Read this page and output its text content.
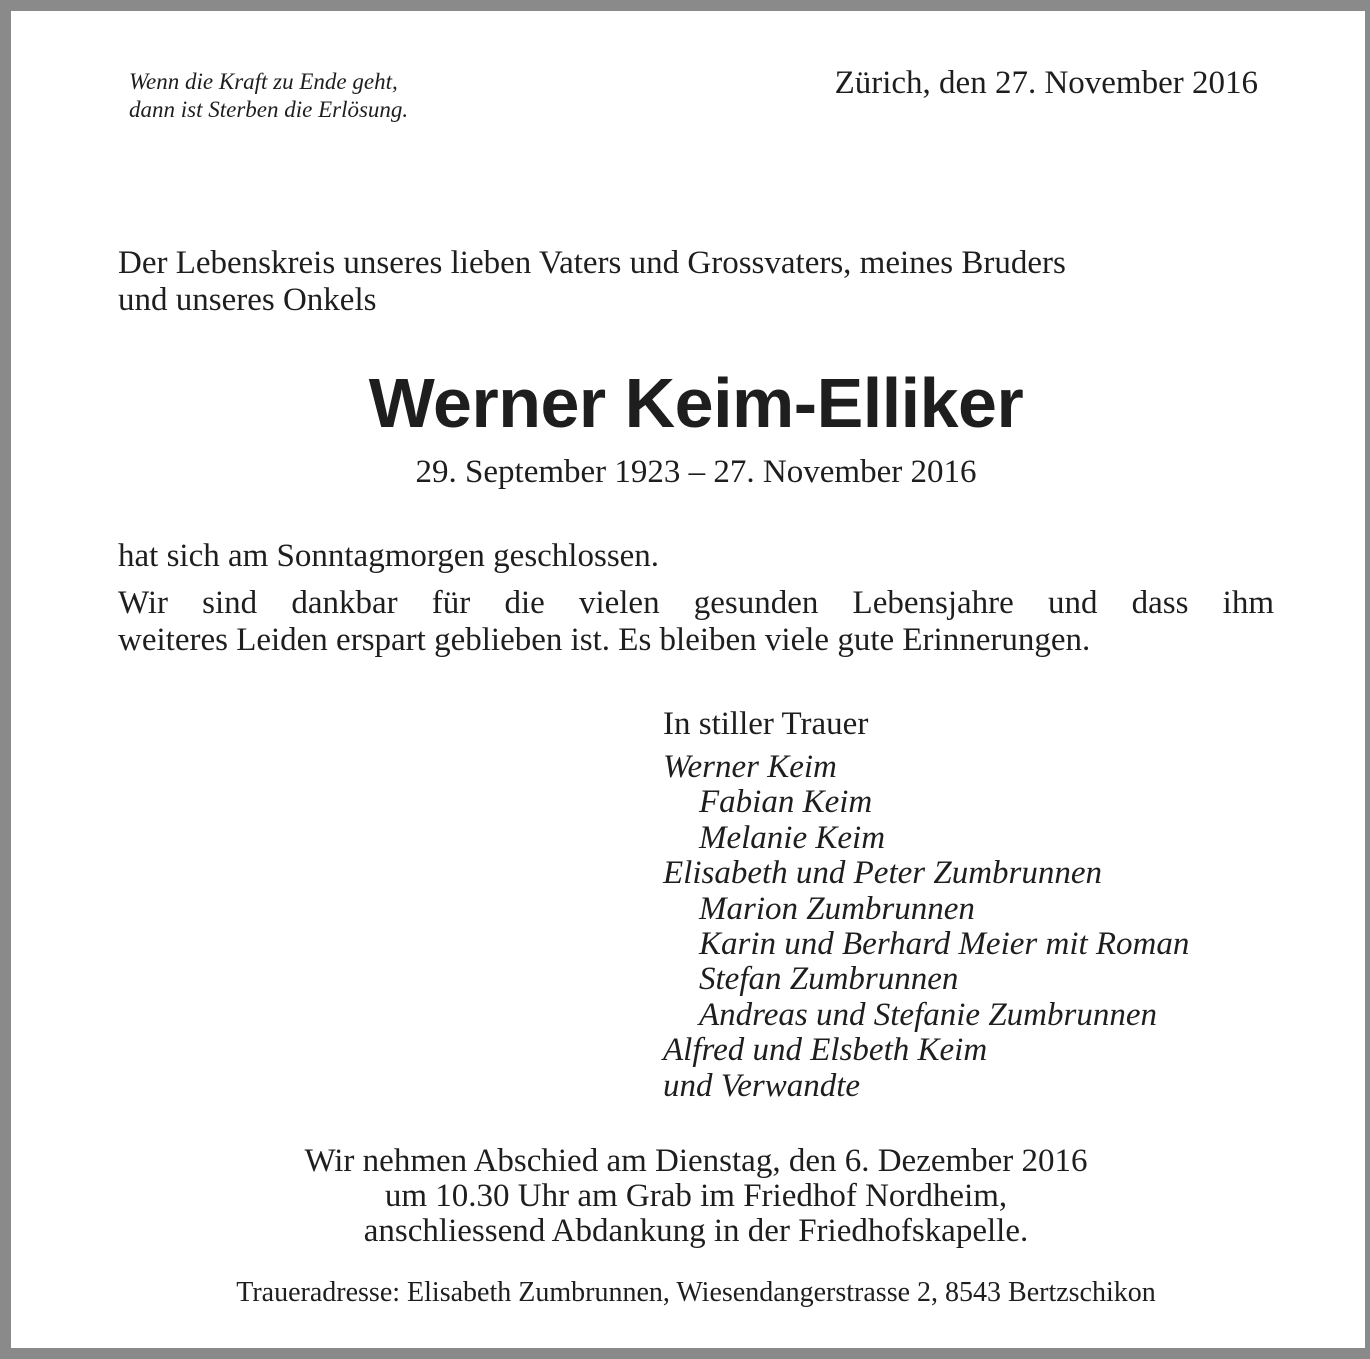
Wenn die Kraft zu Ende geht,
dann ist Sterben die Erlösung.
Zürich, den 27. November 2016
Der Lebenskreis unseres lieben Vaters und Grossvaters, meines Bruders
und unseres Onkels
Werner Keim-Elliker
29. September 1923 – 27. November 2016
hat sich am Sonntagmorgen geschlossen.
Wir sind dankbar für die vielen gesunden Lebensjahre und dass ihm
weiteres Leiden erspart geblieben ist. Es bleiben viele gute Erinnerungen.
In stiller Trauer
Werner Keim
Fabian Keim
Melanie Keim
Elisabeth und Peter Zumbrunnen
Marion Zumbrunnen
Karin und Berhard Meier mit Roman
Stefan Zumbrunnen
Andreas und Stefanie Zumbrunnen
Alfred und Elsbeth Keim
und Verwandte
Wir nehmen Abschied am Dienstag, den 6. Dezember 2016
um 10.30 Uhr am Grab im Friedhof Nordheim,
anschliessend Abdankung in der Friedhofskapelle.
Traueradresse: Elisabeth Zumbrunnen, Wiesendangerstrasse 2, 8543 Bertzschikon
